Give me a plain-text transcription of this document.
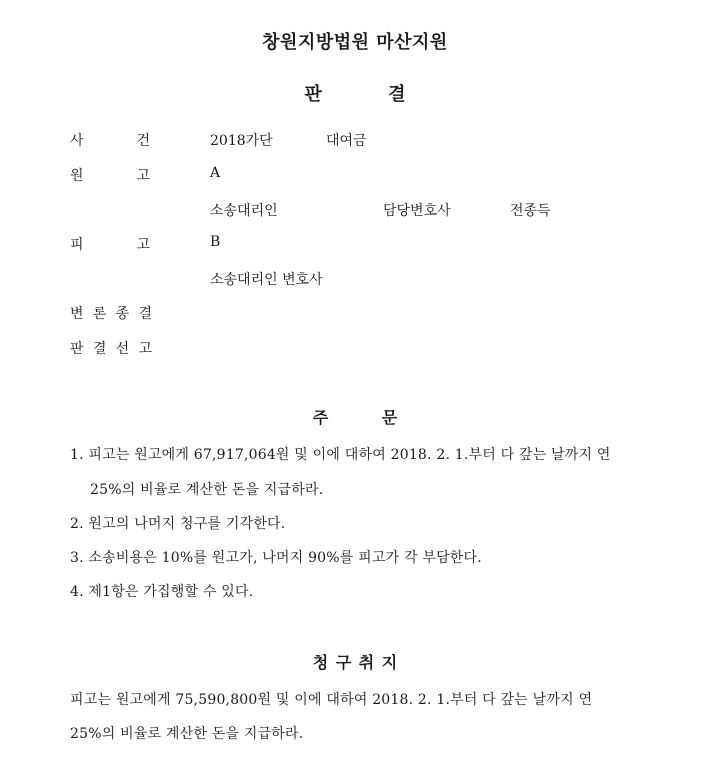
창원지방법원 마산지원
판 결
사	건	2018가단	대여금
원	고	A
소송대리인	담당변호사	전종득
피	고	B
소송대리인 변호사
변 론 종 결
판 결 선 고
주 문
1. 피고는 원고에게 67,917,064원 및 이에 대하여 2018. 2. 1.부터 다 갚는 날까지 연
25%의 비율로 계산한 돈을 지급하라.
2. 원고의 나머지 청구를 기각한다.
3. 소송비용은 10%를 원고가, 나머지 90%를 피고가 각 부담한다.
4. 제1항은 가집행할 수 있다.
청 구 취 지
피고는 원고에게 75,590,800원 및 이에 대하여 2018. 2. 1.부터 다 갚는 날까지 연
25%의 비율로 계산한 돈을 지급하라.
